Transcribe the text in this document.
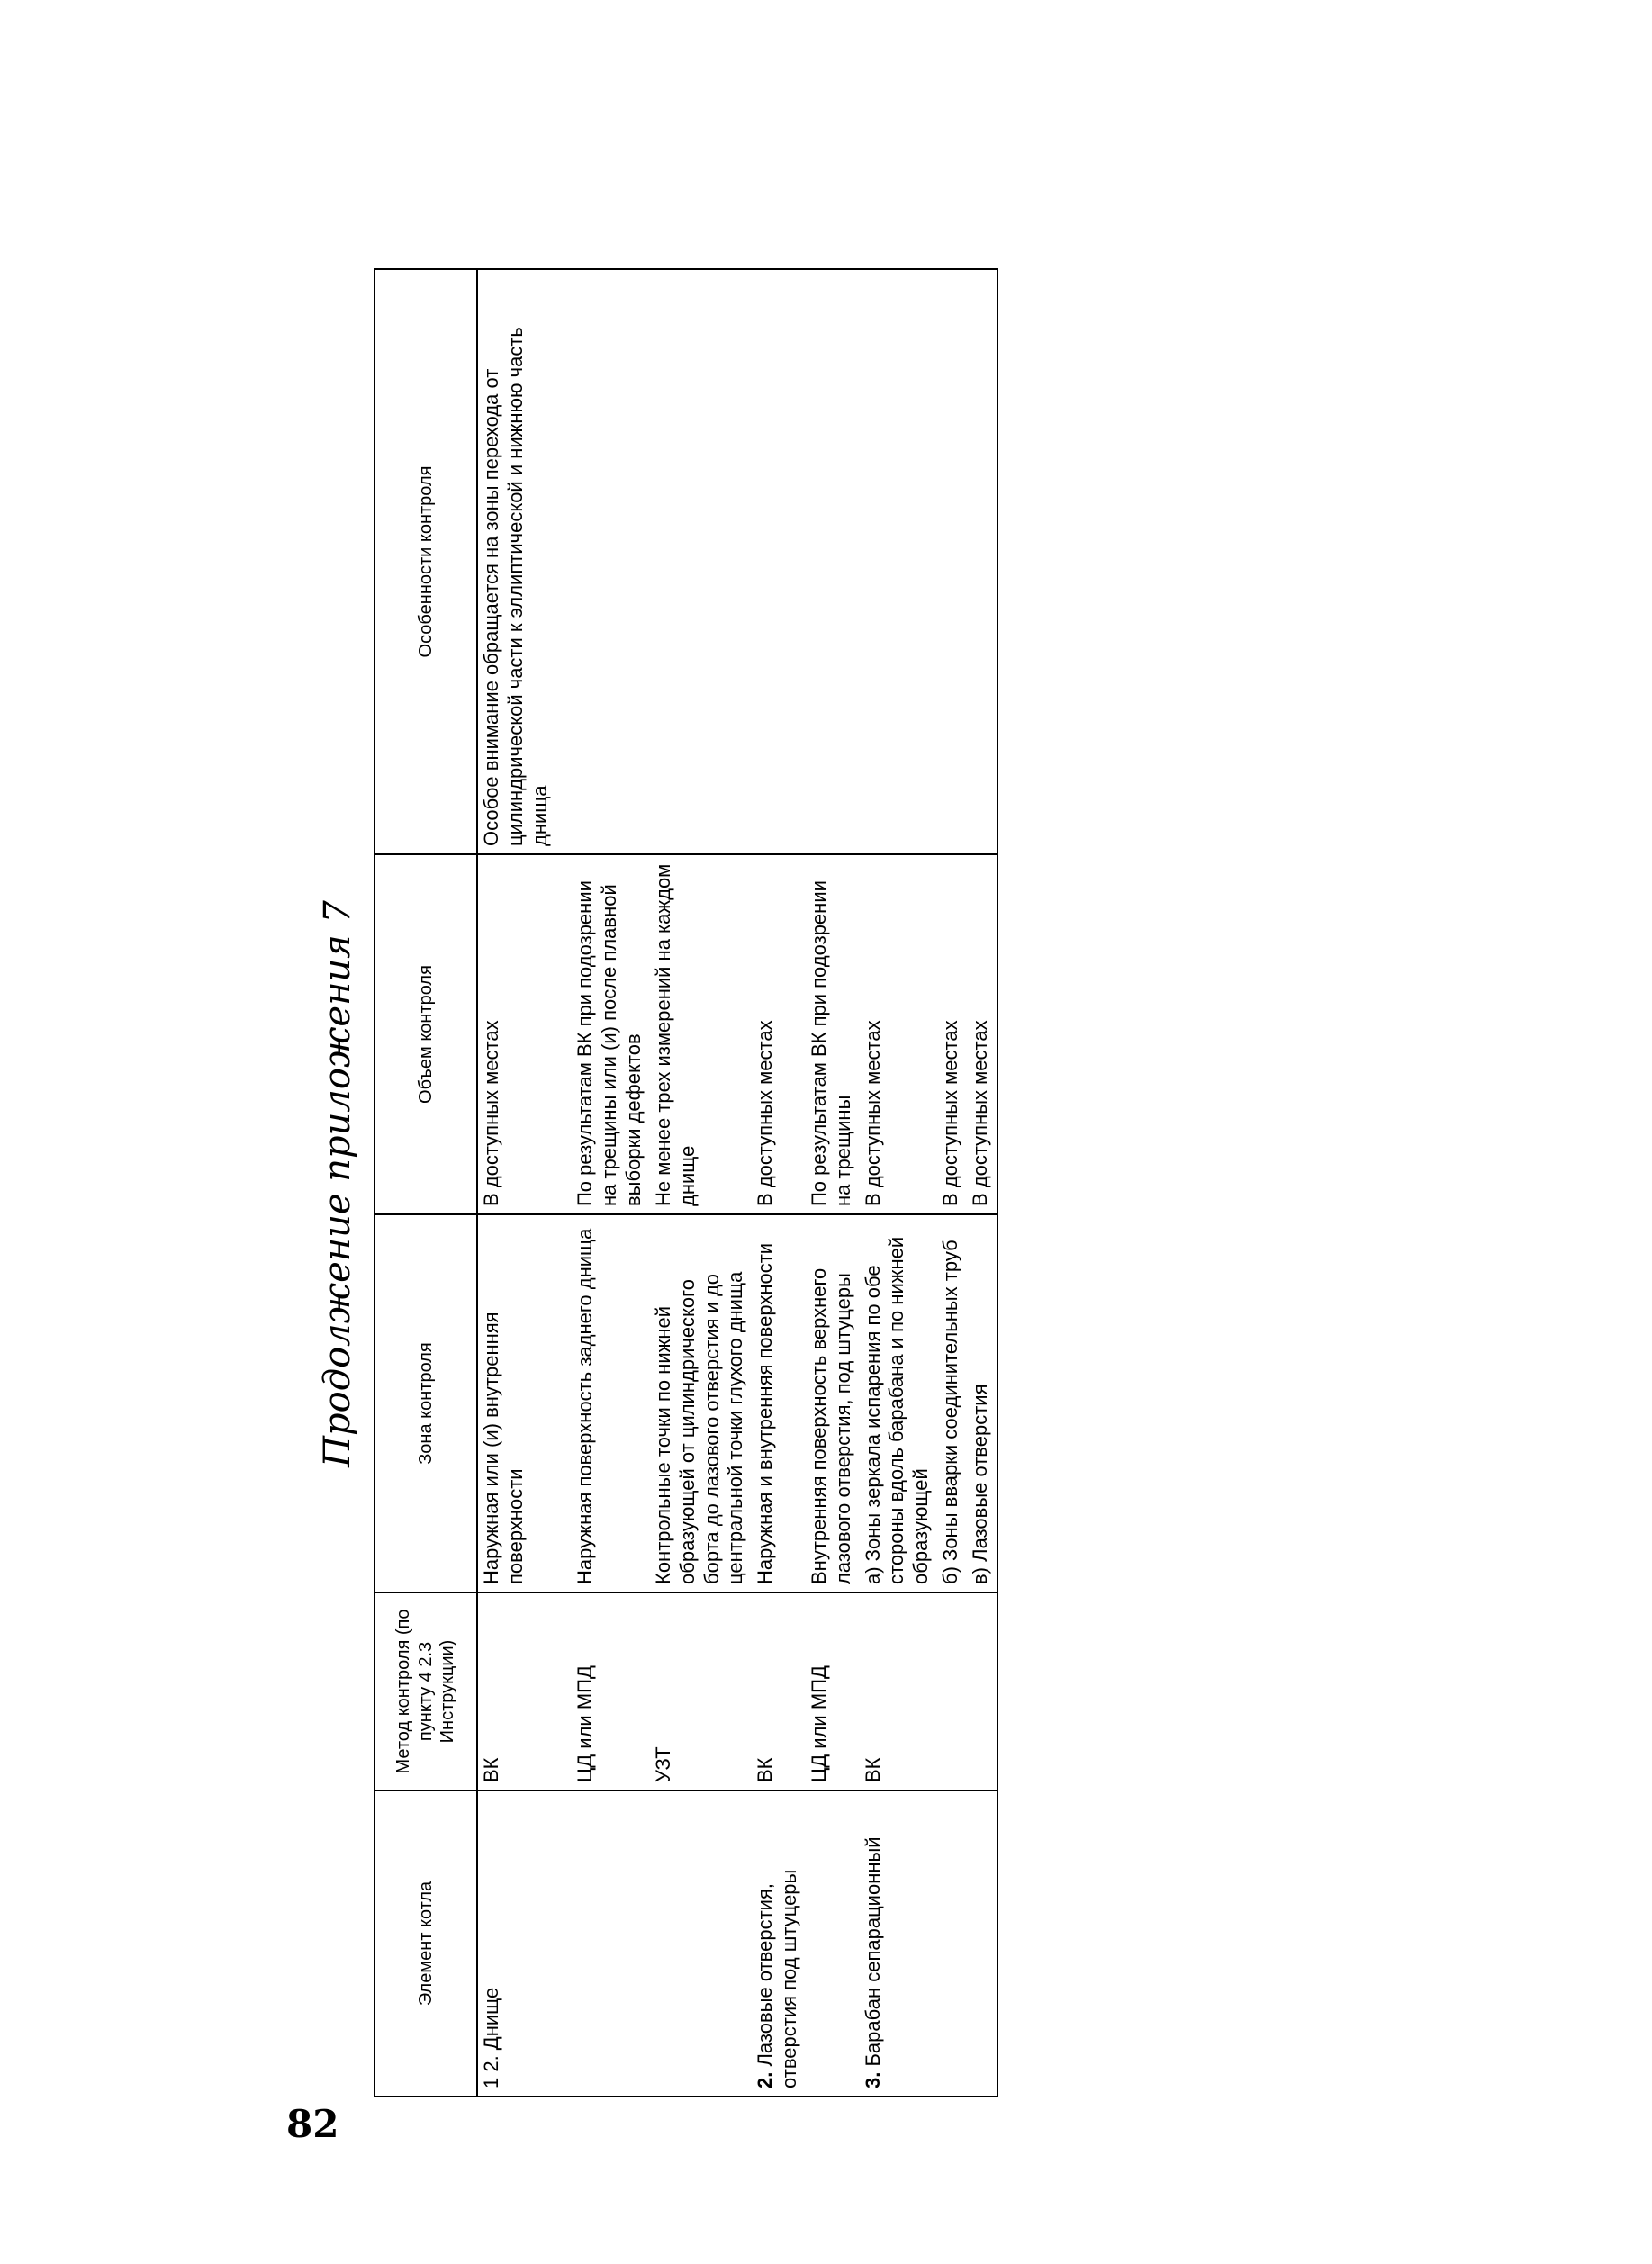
82
Продолжение приложения 7
Элемент котла	Метод контроля (по пункту 4 2.3 Инструкции)	Зона контроля	Объем контроля	Особенности контроля
1 2. Днище	ВК	Наружная или (и) внутренняя поверхности	В доступных местах	Особое внимание обращается на зоны перехода от цилиндрической части к эллиптической и нижнюю часть днища
	ЦД или МПД	Наружная поверхность заднего днища	По результатам ВК при подозрении на трещины или (и) после плавной выборки дефектов	
	УЗТ	Контрольные точки по нижней образующей от цилиндрического борта до лазового отверстия и до центральной точки глухого днища	Не менее трех измерений на каждом днище	
2. Лазовые отверстия, отверстия под штуцеры	ВК	Наружная и внутренняя поверхности	В доступных местах	
	ЦД или МПД	Внутренняя поверхность верхнего лазового отверстия, под штуцеры	По результатам ВК при подозрении на трещины	
3. Барабан сепарационный	ВК	а) Зоны зеркала испарения по обе стороны вдоль барабана и по нижней образующей	В доступных местах	
		б) Зоны вварки соединительных труб	В доступных местах	
		в) Лазовые отверстия	В доступных местах	
